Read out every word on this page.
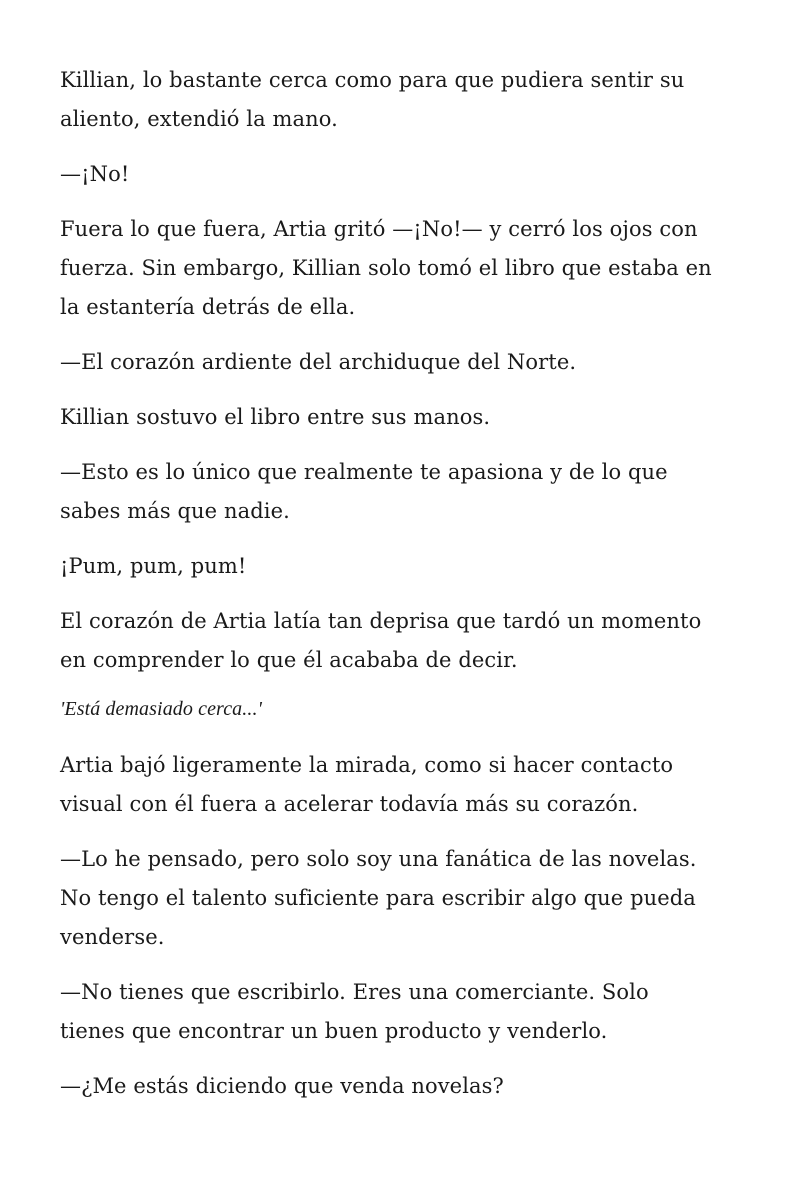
Killian, lo bastante cerca como para que pudiera sentir su
aliento, extendió la mano.

—¡No!

Fuera lo que fuera, Artia gritó —¡No!— y cerró los ojos con
fuerza. Sin embargo, Killian solo tomó el libro que estaba en
la estantería detrás de ella.

—El corazón ardiente del archiduque del Norte.

Killian sostuvo el libro entre sus manos.

—Esto es lo único que realmente te apasiona y de lo que
sabes más que nadie.

¡Pum, pum, pum!

El corazón de Artia latía tan deprisa que tardó un momento
en comprender lo que él acababa de decir.

'Está demasiado cerca...'

Artia bajó ligeramente la mirada, como si hacer contacto
visual con él fuera a acelerar todavía más su corazón.

—Lo he pensado, pero solo soy una fanática de las novelas.
No tengo el talento suficiente para escribir algo que pueda
venderse.

—No tienes que escribirlo. Eres una comerciante. Solo
tienes que encontrar un buen producto y venderlo.

—¿Me estás diciendo que venda novelas?
